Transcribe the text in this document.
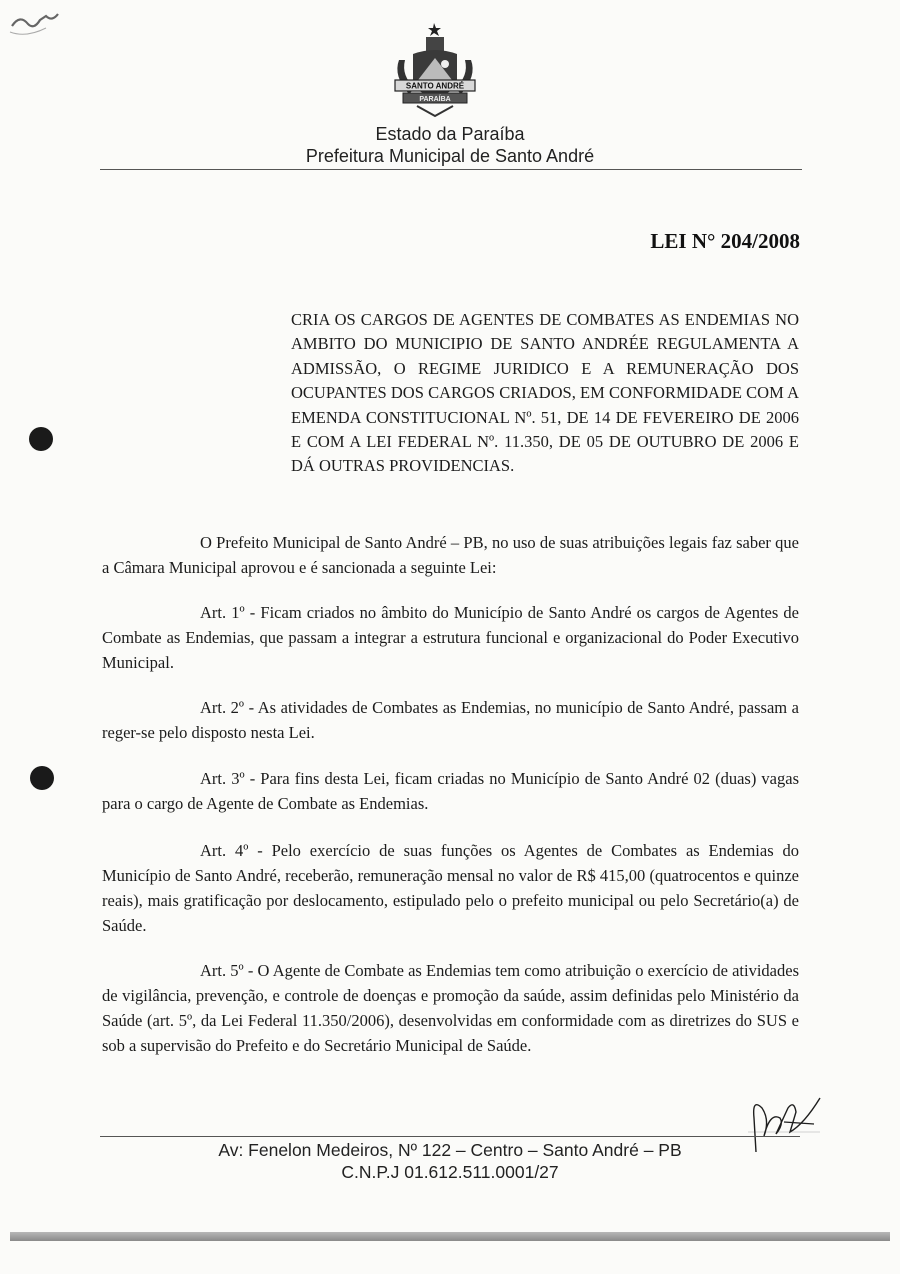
SANTO ANDRÉ
PARAÍBA
Estado da Paraíba
Prefeitura Municipal de Santo André
LEI N° 204/2008
CRIA OS CARGOS DE AGENTES DE COMBATES AS ENDEMIAS NO AMBITO DO MUNICIPIO DE SANTO ANDRÉE REGULAMENTA A ADMISSÃO, O REGIME JURIDICO E A REMUNERAÇÃO DOS OCUPANTES DOS CARGOS CRIADOS, EM CONFORMIDADE COM A EMENDA CONSTITUCIONAL Nº. 51, DE 14 DE FEVEREIRO DE 2006 E COM A LEI FEDERAL Nº. 11.350, DE 05 DE OUTUBRO DE 2006 E DÁ OUTRAS PROVIDENCIAS.
O Prefeito Municipal de Santo André – PB, no uso de suas atribuições legais faz saber que a Câmara Municipal aprovou e é sancionada a seguinte Lei:
Art. 1º - Ficam criados no âmbito do Município de Santo André os cargos de Agentes de Combate as Endemias, que passam a integrar a estrutura funcional e organizacional do Poder Executivo Municipal.
Art. 2º - As atividades de Combates as Endemias, no município de Santo André, passam a reger-se pelo disposto nesta Lei.
Art. 3º - Para fins desta Lei, ficam criadas no Município de Santo André 02 (duas) vagas para o cargo de Agente de Combate as Endemias.
Art. 4º - Pelo exercício de suas funções os Agentes de Combates as Endemias do Município de Santo André, receberão, remuneração mensal no valor de R$ 415,00 (quatrocentos e quinze reais), mais gratificação por deslocamento, estipulado pelo o prefeito municipal ou pelo Secretário(a) de Saúde.
Art. 5º - O Agente de Combate as Endemias tem como atribuição o exercício de atividades de vigilância, prevenção, e controle de doenças e promoção da saúde, assim definidas pelo Ministério da Saúde (art. 5º, da Lei Federal 11.350/2006), desenvolvidas em conformidade com as diretrizes do SUS e sob a supervisão do Prefeito e do Secretário Municipal de Saúde.
Av: Fenelon Medeiros, Nº 122 – Centro – Santo André – PB
C.N.P.J 01.612.511.0001/27
